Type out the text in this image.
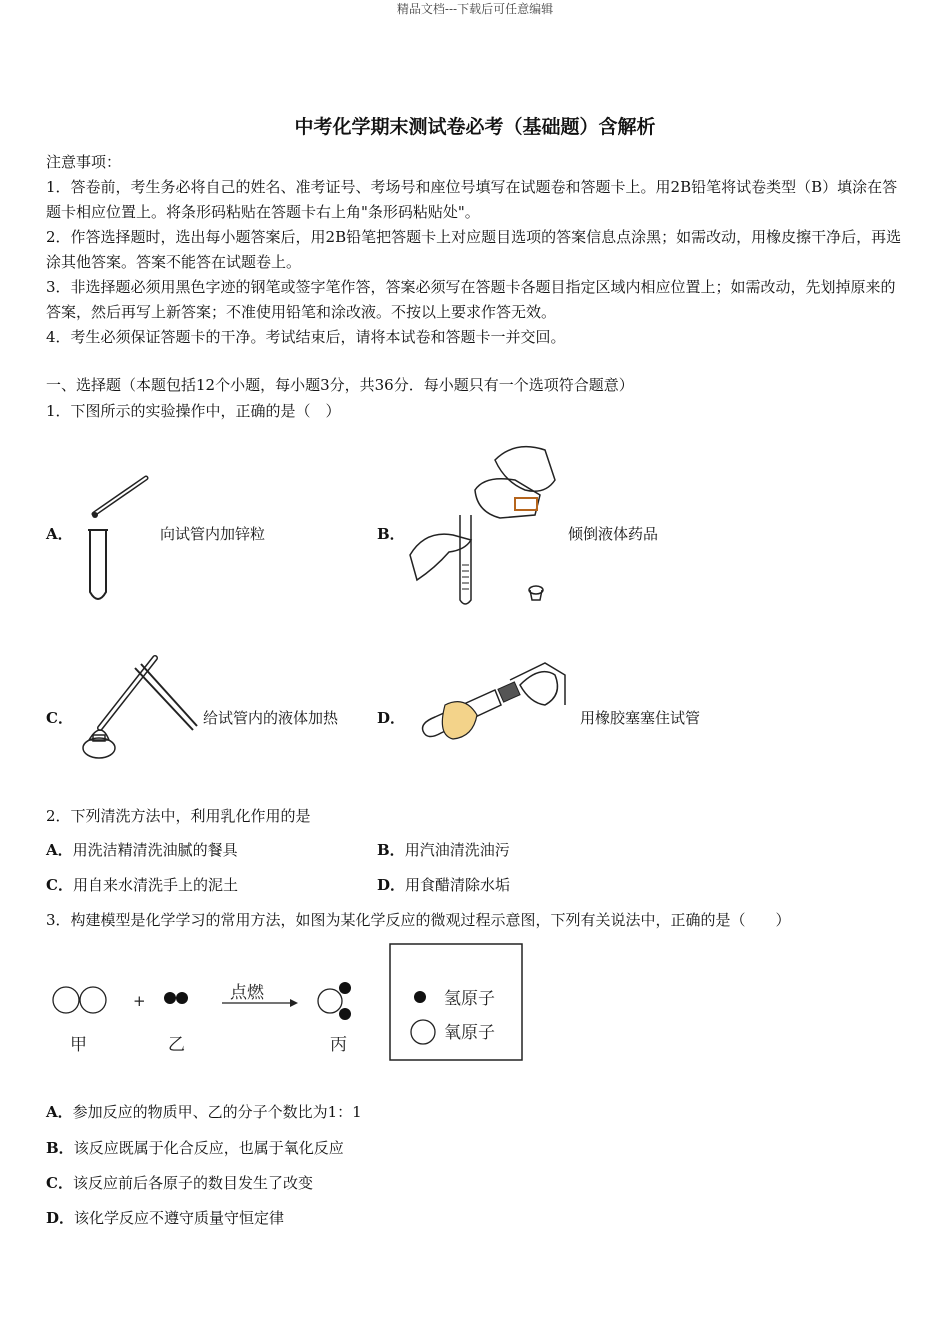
精品文档---下载后可任意编辑
中考化学期末测试卷必考（基础题）含解析
注意事项：
1．答卷前，考生务必将自己的姓名、准考证号、考场号和座位号填写在试题卷和答题卡上。用2B铅笔将试卷类型（B）填涂在答题卡相应位置上。将条形码粘贴在答题卡右上角"条形码粘贴处"。
2．作答选择题时，选出每小题答案后，用2B铅笔把答题卡上对应题目选项的答案信息点涂黑；如需改动，用橡皮擦干净后，再选涂其他答案。答案不能答在试题卷上。
3．非选择题必须用黑色字迹的钢笔或签字笔作答，答案必须写在答题卡各题目指定区域内相应位置上；如需改动，先划掉原来的答案，然后再写上新答案；不准使用铅笔和涂改液。不按以上要求作答无效。
4．考生必须保证答题卡的干净。考试结束后，请将本试卷和答题卡一并交回。
一、选择题（本题包括12个小题，每小题3分，共36分．每小题只有一个选项符合题意）
1．下图所示的实验操作中，正确的是（　）
A．	向试管内加锌粒	B．	倾倒液体药品
C．	给试管内的液体加热	D．	用橡胶塞塞住试管
2．下列清洗方法中，利用乳化作用的是
A．用洗洁精清洗油腻的餐具	B．用汽油清洗油污
C．用自来水清洗手上的泥土	D．用食醋清除水垢
3．构建模型是化学学习的常用方法，如图为某化学反应的微观过程示意图，下列有关说法中，正确的是（　　）
+	点燃
甲	乙	丙
氢原子
氧原子
A．参加反应的物质甲、乙的分子个数比为1：1
B．该反应既属于化合反应，也属于氧化反应
C．该反应前后各原子的数目发生了改变
D．该化学反应不遵守质量守恒定律
